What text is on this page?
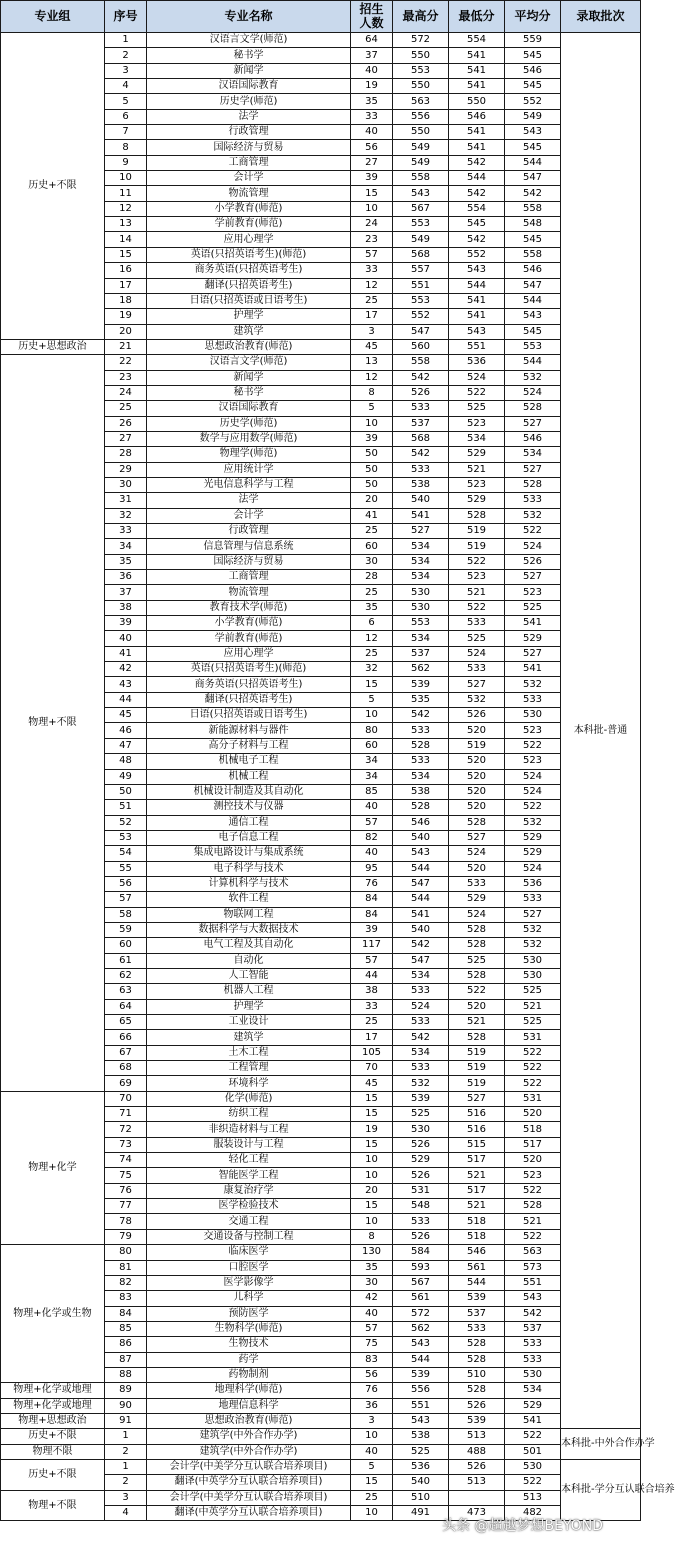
专业组	序号	专业名称	招生人数	最高分	最低分	平均分	录取批次
历史+不限	1	汉语言文学(师范)	64	572	554	559	本科批-普通
	2	秘书学	37	550	541	545	
	3	新闻学	40	553	541	546	
	4	汉语国际教育	19	550	541	545	
	5	历史学(师范)	35	563	550	552	
	6	法学	33	556	546	549	
	7	行政管理	40	550	541	543	
	8	国际经济与贸易	56	549	541	545	
	9	工商管理	27	549	542	544	
	10	会计学	39	558	544	547	
	11	物流管理	15	543	542	542	
	12	小学教育(师范)	10	567	554	558	
	13	学前教育(师范)	24	553	545	548	
	14	应用心理学	23	549	542	545	
	15	英语(只招英语考生)(师范)	57	568	552	558	
	16	商务英语(只招英语考生)	33	557	543	546	
	17	翻译(只招英语考生)	12	551	544	547	
	18	日语(只招英语或日语考生)	25	553	541	544	
	19	护理学	17	552	541	543	
	20	建筑学	3	547	543	545	
历史+思想政治	21	思想政治教育(师范)	45	560	551	553	
物理+不限	22	汉语言文学(师范)	13	558	536	544	
	23	新闻学	12	542	524	532	
	24	秘书学	8	526	522	524	
	25	汉语国际教育	5	533	525	528	
	26	历史学(师范)	10	537	523	527	
	27	数学与应用数学(师范)	39	568	534	546	
	28	物理学(师范)	50	542	529	534	
	29	应用统计学	50	533	521	527	
	30	光电信息科学与工程	50	538	523	528	
	31	法学	20	540	529	533	
	32	会计学	41	541	528	532	
	33	行政管理	25	527	519	522	
	34	信息管理与信息系统	60	534	519	524	
	35	国际经济与贸易	30	534	522	526	
	36	工商管理	28	534	523	527	
	37	物流管理	25	530	521	523	
	38	教育技术学(师范)	35	530	522	525	
	39	小学教育(师范)	6	553	533	541	
	40	学前教育(师范)	12	534	525	529	
	41	应用心理学	25	537	524	527	
	42	英语(只招英语考生)(师范)	32	562	533	541	
	43	商务英语(只招英语考生)	15	539	527	532	
	44	翻译(只招英语考生)	5	535	532	533	
	45	日语(只招英语或日语考生)	10	542	526	530	
	46	新能源材料与器件	80	533	520	523	
	47	高分子材料与工程	60	528	519	522	
	48	机械电子工程	34	533	520	523	
	49	机械工程	34	534	520	524	
	50	机械设计制造及其自动化	85	538	520	524	
	51	测控技术与仪器	40	528	520	522	
	52	通信工程	57	546	528	532	
	53	电子信息工程	82	540	527	529	
	54	集成电路设计与集成系统	40	543	524	529	
	55	电子科学与技术	95	544	520	524	
	56	计算机科学与技术	76	547	533	536	
	57	软件工程	84	544	529	533	
	58	物联网工程	84	541	524	527	
	59	数据科学与大数据技术	39	540	528	532	
	60	电气工程及其自动化	117	542	528	532	
	61	自动化	57	547	525	530	
	62	人工智能	44	534	528	530	
	63	机器人工程	38	533	522	525	
	64	护理学	33	524	520	521	
	65	工业设计	25	533	521	525	
	66	建筑学	17	542	528	531	
	67	土木工程	105	534	519	522	
	68	工程管理	70	533	519	522	
	69	环境科学	45	532	519	522	
物理+化学	70	化学(师范)	15	539	527	531	
	71	纺织工程	15	525	516	520	
	72	非织造材料与工程	19	530	516	518	
	73	服装设计与工程	15	526	515	517	
	74	轻化工程	10	529	517	520	
	75	智能医学工程	10	526	521	523	
	76	康复治疗学	20	531	517	522	
	77	医学检验技术	15	548	521	528	
	78	交通工程	10	533	518	521	
	79	交通设备与控制工程	8	526	518	522	
物理+化学或生物	80	临床医学	130	584	546	563	
	81	口腔医学	35	593	561	573	
	82	医学影像学	30	567	544	551	
	83	儿科学	42	561	539	543	
	84	预防医学	40	572	537	542	
	85	生物科学(师范)	57	562	533	537	
	86	生物技术	75	543	528	533	
	87	药学	83	544	528	533	
	88	药物制剂	56	539	510	530	
物理+化学或地理	89	地理科学(师范)	76	556	528	534	
物理+化学或地理	90	地理信息科学	36	551	526	529	
物理+思想政治	91	思想政治教育(师范)	3	543	539	541	
历史+不限	1	建筑学(中外合作办学)	10	538	513	522	本科批-中外合作办学
物理不限	2	建筑学(中外合作办学)	40	525	488	501	
历史+不限	1	会计学(中美学分互认联合培养项目)	5	536	526	530	本科批-学分互认联合培养
	2	翻译(中英学分互认联合培养项目)	15	540	513	522	
物理+不限	3	会计学(中美学分互认联合培养项目)	25	510		513	
	4	翻译(中英学分互认联合培养项目)	10	491	473	482	
头条 @超越梦想BEYOND
